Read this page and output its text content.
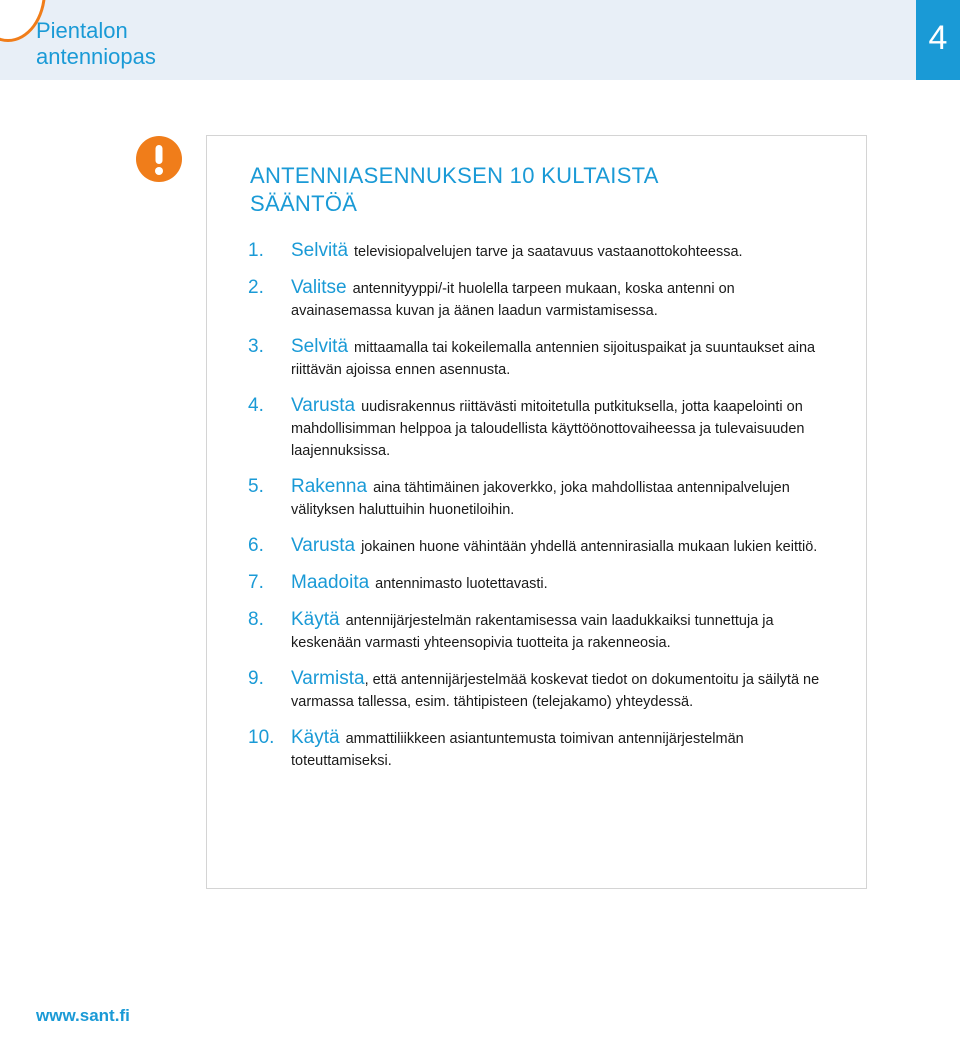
Pientalon
antenniopas	4
ANTENNIASENNUKSEN 10 KULTAISTA
SÄÄNTÖÄ
1. Selvitä televisiopalvelujen tarve ja saatavuus vastaanottokohteessa.
2. Valitse antennityyppi/-it huolella tarpeen mukaan, koska antenni on avainasemassa kuvan ja äänen laadun varmistamisessa.
3. Selvitä mittaamalla tai kokeilemalla antennien sijoituspaikat ja suuntaukset aina riittävän ajoissa ennen asennusta.
4. Varusta uudisrakennus riittävästi mitoitetulla putkituksella, jotta kaapelointi on mahdollisimman helppoa ja taloudellista käyttöönottovaiheessa ja tulevaisuuden laajennuksissa.
5. Rakenna aina tähtimäinen jakoverkko, joka mahdollistaa antennipalvelujen välityksen haluttuihin huonetiloihin.
6. Varusta jokainen huone vähintään yhdellä antennirasialla mukaan lukien keittiö.
7. Maadoita antennimasto luotettavasti.
8. Käytä antennijärjestelmän rakentamisessa vain laadukkaiksi tunnettuja ja keskenään varmasti yhteensopivia tuotteita ja rakenneosia.
9. Varmista, että antennijärjestelmää koskevat tiedot on dokumentoitu ja säilytä ne varmassa tallessa, esim. tähtipisteen (telejakamo) yhteydessä.
10. Käytä ammattiliikkeen asiantuntemusta toimivan antennijärjestelmän toteuttamiseksi.
www.sant.fi
